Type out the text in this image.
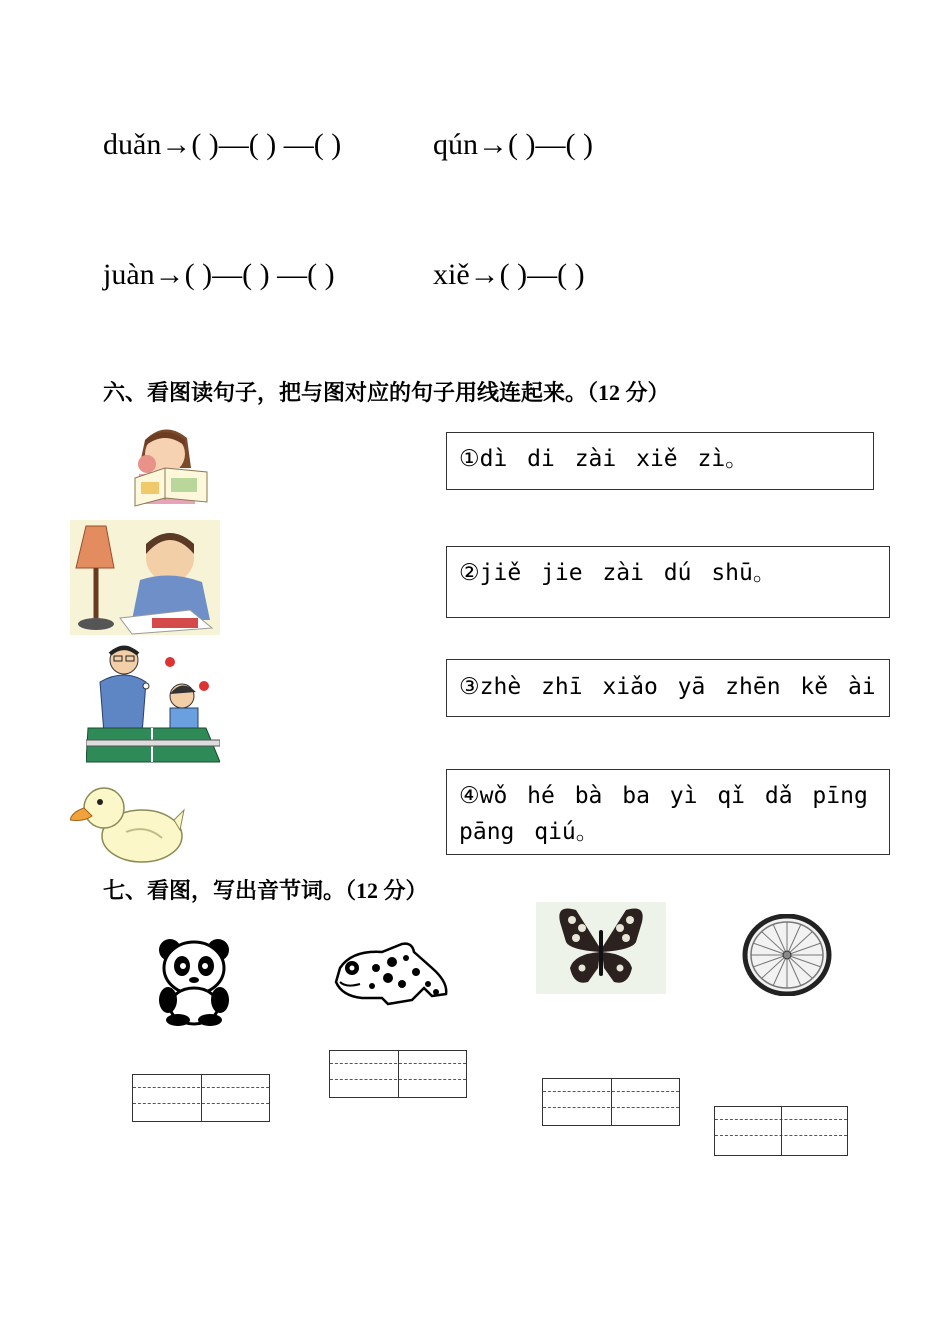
duǎn→( )—( ) —( )	qún→( )—( )
juàn→( )—( ) —( )	xiě→( )—( )
六、看图读句子，把与图对应的句子用线连起来。（12 分）
①dì di zài xiě zì。
②jiě jie zài dú shū。
③zhè zhī xiǎo yā zhēn kě ài
④wǒ hé bà ba yì qǐ dǎ pīng pāng qiú。
七、看图，写出音节词。（12 分）
